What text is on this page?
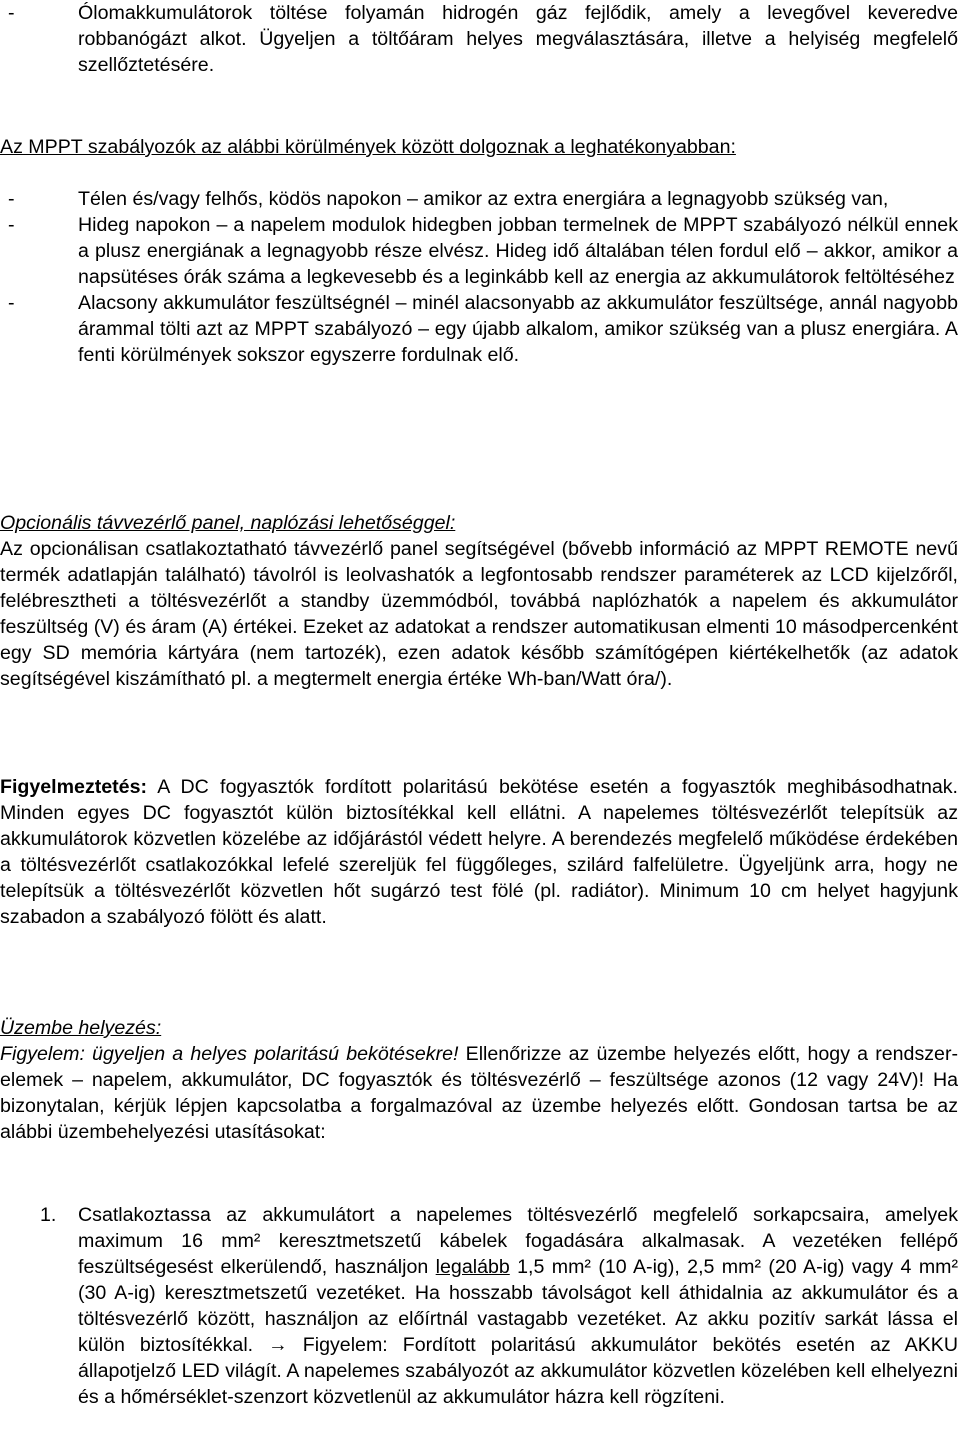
-	Ólomakkumulátorok töltése folyamán hidrogén gáz fejlődik, amely a levegővel keveredve robbanógázt alkot. Ügyeljen a töltőáram helyes megválasztására, illetve a helyiség megfelelő szellőztetésére.

Az MPPT szabályozók az alábbi körülmények között dolgoznak a leghatékonyabban:

-	Télen és/vagy felhős, ködös napokon – amikor az extra energiára a legnagyobb szükség van,

-	Hideg napokon – a napelem modulok hidegben jobban termelnek de MPPT szabályozó nélkül ennek a plusz energiának a legnagyobb része elvész. Hideg idő általában télen fordul elő – akkor, amikor a napsütéses órák száma a legkevesebb és a leginkább kell az energia az akkumulátorok feltöltéséhez

-	Alacsony akkumulátor feszültségnél – minél alacsonyabb az akkumulátor feszültsége, annál nagyobb árammal tölti azt az MPPT szabályozó – egy újabb alkalom, amikor szükség van a plusz energiára. A fenti körülmények sokszor egyszerre fordulnak elő.

Opcionális távvezérlő panel, naplózási lehetőséggel:

Az opcionálisan csatlakoztatható távvezérlő panel segítségével (bővebb információ az MPPT REMOTE nevű termék adatlapján található) távolról is leolvashatók a legfontosabb rendszer paraméterek az LCD kijelzőről, felébresztheti a töltésvezérlőt a standby üzemmódból, továbbá naplózhatók a napelem és akkumulátor feszültség (V) és áram (A) értékei. Ezeket az adatokat a rendszer automatikusan elmenti 10 másodpercenként egy SD memória kártyára (nem tartozék), ezen adatok később számítógépen kiértékelhetők (az adatok segítségével kiszámítható pl. a megtermelt energia értéke Wh-ban/Watt óra/).

Figyelmeztetés: A DC fogyasztók fordított polaritású bekötése esetén a fogyasztók meghibásodhatnak. Minden egyes DC fogyasztót külön biztosítékkal kell ellátni. A napelemes töltésvezérlőt telepítsük az akkumulátorok közvetlen közelébe az időjárástól védett helyre. A berendezés megfelelő működése érdekében a töltésvezérlőt csatlakozókkal lefelé szereljük fel függőleges, szilárd falfelületre. Ügyeljünk arra, hogy ne telepítsük a töltésvezérlőt közvetlen hőt sugárzó test fölé (pl. radiátor). Minimum 10 cm helyet hagyjunk szabadon a szabályozó fölött és alatt.

Üzembe helyezés:

Figyelem: ügyeljen a helyes polaritású bekötésekre! Ellenőrizze az üzembe helyezés előtt, hogy a rendszer-elemek – napelem, akkumulátor, DC fogyasztók és töltésvezérlő – feszültsége azonos (12 vagy 24V)! Ha bizonytalan, kérjük lépjen kapcsolatba a forgalmazóval az üzembe helyezés előtt. Gondosan tartsa be az alábbi üzembehelyezési utasításokat:

1. Csatlakoztassa az akkumulátort a napelemes töltésvezérlő megfelelő sorkapcsaira, amelyek maximum 16 mm² keresztmetszetű kábelek fogadására alkalmasak. A vezetéken fellépő feszültségesést elkerülendő, használjon legalább 1,5 mm² (10 A-ig), 2,5 mm² (20 A-ig) vagy 4 mm² (30 A-ig) keresztmetszetű vezetéket. Ha hosszabb távolságot kell áthidalnia az akkumulátor és a töltésvezérlő között, használjon az előírtnál vastagabb vezetéket. Az akku pozitív sarkát lássa el külön biztosítékkal. → Figyelem: Fordított polaritású akkumulátor bekötés esetén az AKKU állapotjelző LED világít. A napelemes szabályozót az akkumulátor közvetlen közelében kell elhelyezni és a hőmérséklet-szenzort közvetlenül az akkumulátor házra kell rögzíteni.
